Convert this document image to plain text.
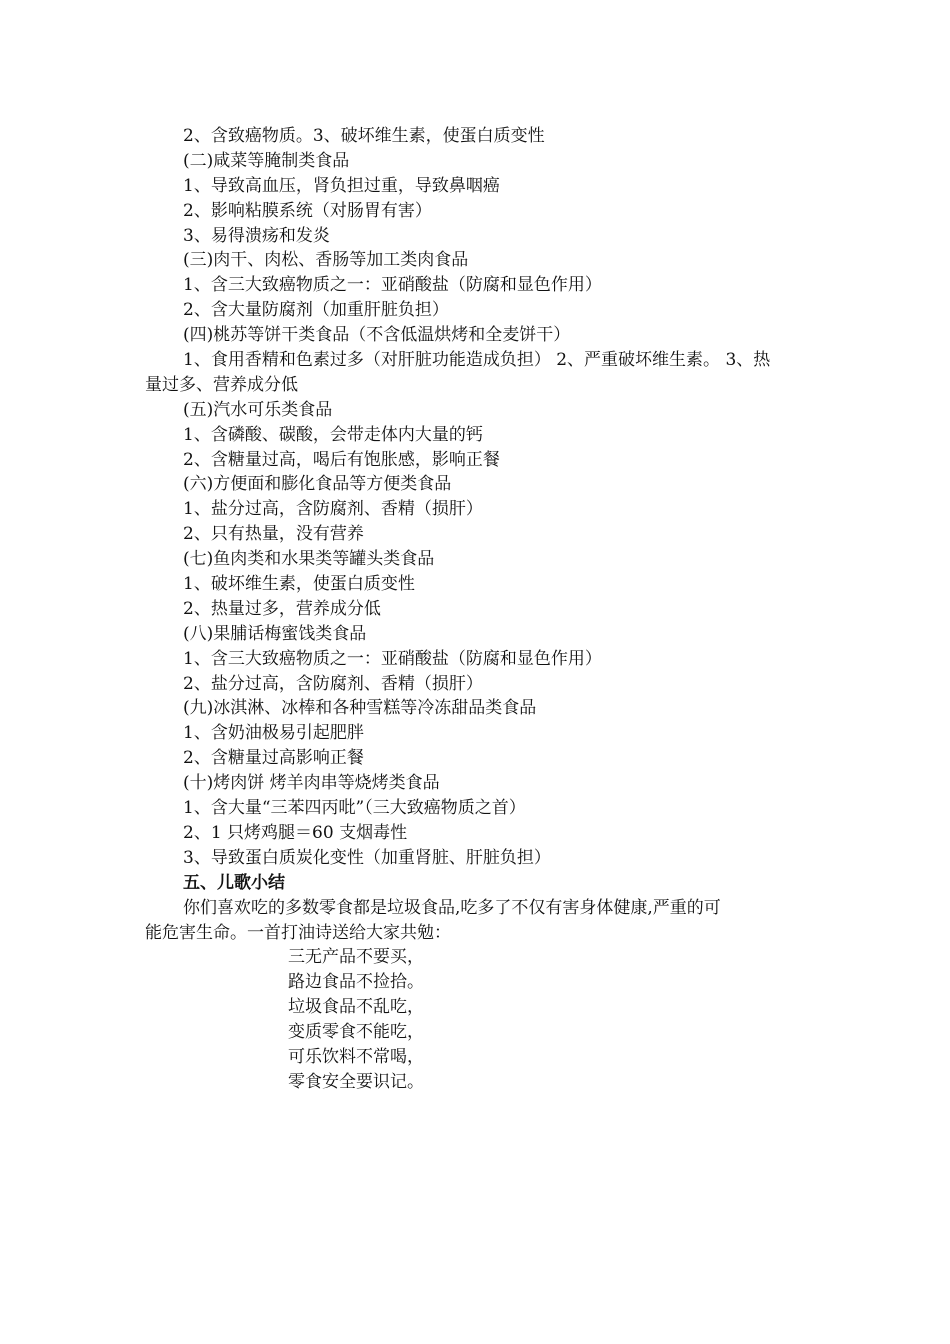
2、含致癌物质。3、破坏维生素，使蛋白质变性
(二)咸菜等腌制类食品
1、导致高血压，肾负担过重，导致鼻咽癌
2、影响粘膜系统（对肠胃有害）
3、易得溃疡和发炎
(三)肉干、肉松、香肠等加工类肉食品
1、含三大致癌物质之一：亚硝酸盐（防腐和显色作用）
2、含大量防腐剂（加重肝脏负担）
(四)桃苏等饼干类食品（不含低温烘烤和全麦饼干）
1、食用香精和色素过多（对肝脏功能造成负担） 2、严重破坏维生素。 3、热
量过多、营养成分低
(五)汽水可乐类食品
1、含磷酸、碳酸，会带走体内大量的钙
2、含糖量过高，喝后有饱胀感，影响正餐
(六)方便面和膨化食品等方便类食品
1、盐分过高，含防腐剂、香精（损肝）
2、只有热量，没有营养
(七)鱼肉类和水果类等罐头类食品
1、破坏维生素，使蛋白质变性
2、热量过多，营养成分低
(八)果脯话梅蜜饯类食品
1、含三大致癌物质之一：亚硝酸盐（防腐和显色作用）
2、盐分过高，含防腐剂、香精（损肝）
(九)冰淇淋、冰棒和各种雪糕等冷冻甜品类食品
1、含奶油极易引起肥胖
2、含糖量过高影响正餐
(十)烤肉饼 烤羊肉串等烧烤类食品
1、含大量“三苯四丙吡”（三大致癌物质之首）
2、1 只烤鸡腿＝60 支烟毒性
3、导致蛋白质炭化变性（加重肾脏、肝脏负担）
五、儿歌小结
你们喜欢吃的多数零食都是垃圾食品,吃多了不仅有害身体健康,严重的可
能危害生命。一首打油诗送给大家共勉：
三无产品不要买，
路边食品不捡拾。
垃圾食品不乱吃，
变质零食不能吃，
可乐饮料不常喝，
零食安全要识记。
